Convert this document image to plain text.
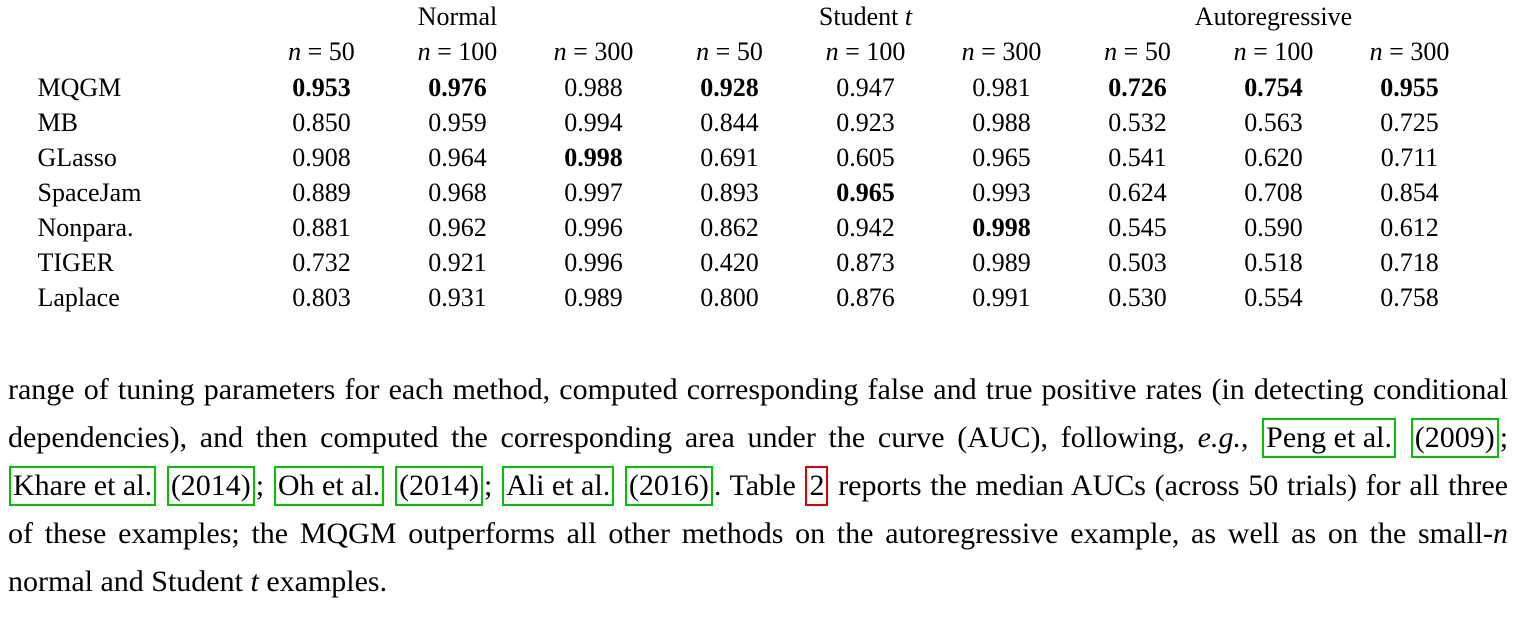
	Normal			Student t			Autoregressive		
	n = 50	n = 100	n = 300	n = 50	n = 100	n = 300	n = 50	n = 100	n = 300
MQGM	0.953	0.976	0.988	0.928	0.947	0.981	0.726	0.754	0.955
MB	0.850	0.959	0.994	0.844	0.923	0.988	0.532	0.563	0.725
GLasso	0.908	0.964	0.998	0.691	0.605	0.965	0.541	0.620	0.711
SpaceJam	0.889	0.968	0.997	0.893	0.965	0.993	0.624	0.708	0.854
Nonpara.	0.881	0.962	0.996	0.862	0.942	0.998	0.545	0.590	0.612
TIGER	0.732	0.921	0.996	0.420	0.873	0.989	0.503	0.518	0.718
Laplace	0.803	0.931	0.989	0.800	0.876	0.991	0.530	0.554	0.758

range of tuning parameters for each method, computed corresponding false and true positive rates (in detecting conditional dependencies), and then computed the corresponding area under the curve (AUC), following, e.g., Peng et al. (2009) ; Khare et al. (2014) ; Oh et al. (2014) ; Ali et al. (2016) . Table 2 reports the median AUCs (across 50 trials) for all three of these examples; the MQGM outperforms all other methods on the autoregressive example, as well as on the small-n normal and Student t examples.
